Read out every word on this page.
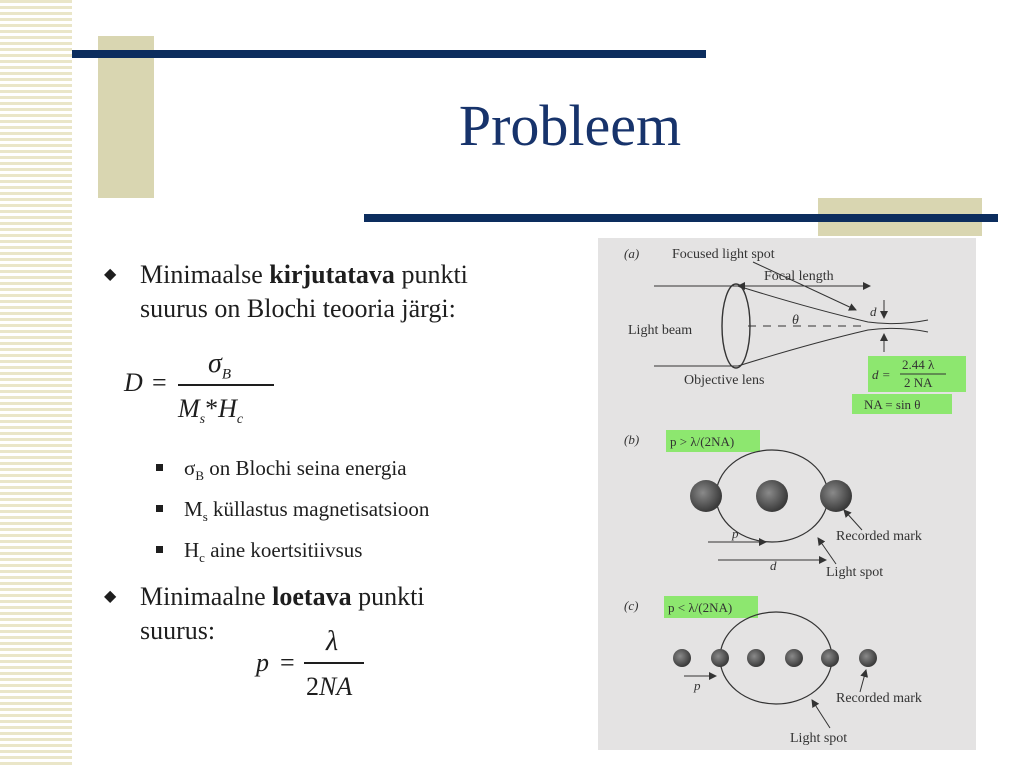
Probleem
◆ Minimaalse kirjutatava punkti
suurus on Blochi teooria järgi:
D =
$\sigma_B$
$M_s*H_c$
$\sigma_B$ on Blochi seina energia
$M_s$ küllastus magnetisatsioon
$H_c$ aine koertsitiivsus
◆ Minimaalne loetava punkti
suurus:
p =
λ
2NA
(a) Focused light spot
Focal length
θ
d
Light beam
Objective lens	d =
2.44 λ
2 NA
NA = sin θ
(b) p > λ/(2NA)
Recorded mark
p
d	Light spot
(c) p < λ/(2NA)
p
Recorded mark
Light spot
